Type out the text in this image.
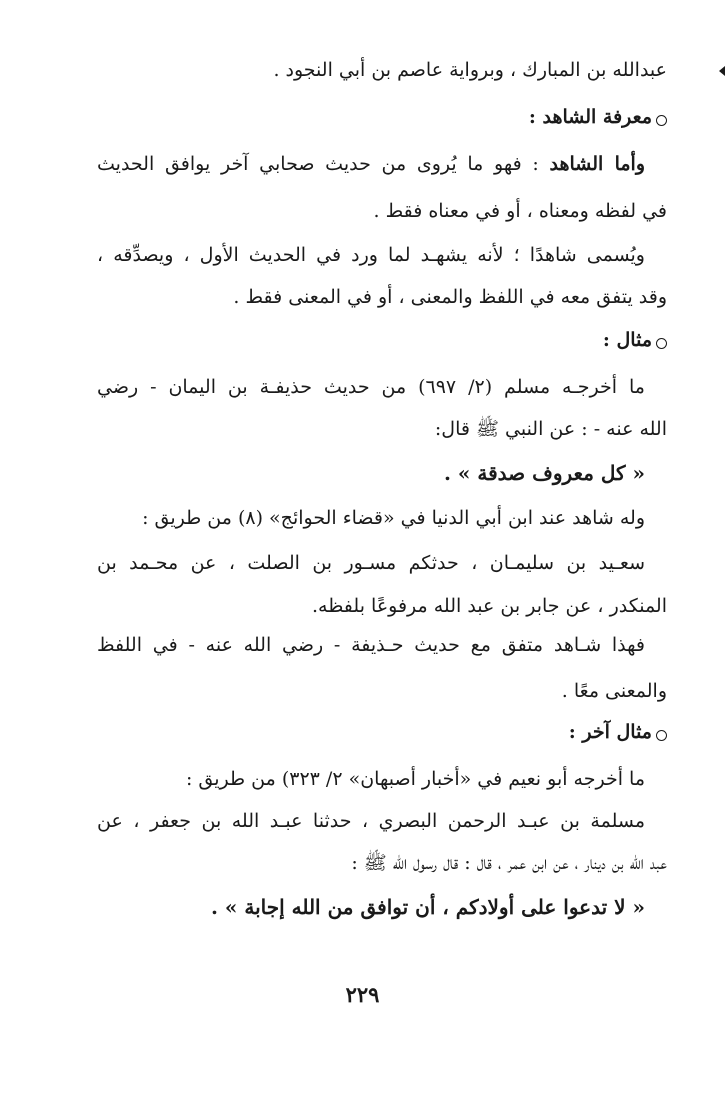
عبدالله بن المبارك ، وبرواية عاصم بن أبي النجود .
معرفة الشاهد :
وأما الشاهد : فهو ما يُروى من حديث صحابي آخر يوافق الحديث
في لفظه ومعناه ، أو في معناه فقط .
ويُسمى شاهدًا ؛ لأنه يشهـد لما ورد في الحديث الأول ، ويصدِّقه ،
وقد يتفق معه في اللفظ والمعنى ، أو في المعنى فقط .
مثال :
ما أخرجـه مسلم (٢/ ٦٩٧) من حديث حذيفـة بن اليمان - رضي
الله عنه - : عن النبي ﷺ قال:
« كل معروف صدقة » .
وله شاهد عند ابن أبي الدنيا في «قضاء الحوائج» (٨) من طريق :
سعـيد بن سليمـان ، حدثكم مسـور بن الصلت ، عن محـمد بن
المنكدر ، عن جابر بن عبد الله مرفوعًا بلفظه.
فهذا شـاهد متفق مع حديث حـذيفة - رضي الله عنه - في اللفظ
والمعنى معًا .
مثال آخر :
ما أخرجه أبو نعيم في «أخبار أصبهان» ٢/ ٣٢٣) من طريق :
مسلمة بن عبـد الرحمن البصري ، حدثنا عبـد الله بن جعفر ، عن
عبد الله بن دينار ، عن ابن عمر ، قال : قال رسول الله ﷺ :
« لا تدعوا على أولادكم ، أن توافق من الله إجابة » .
٢٢٩
